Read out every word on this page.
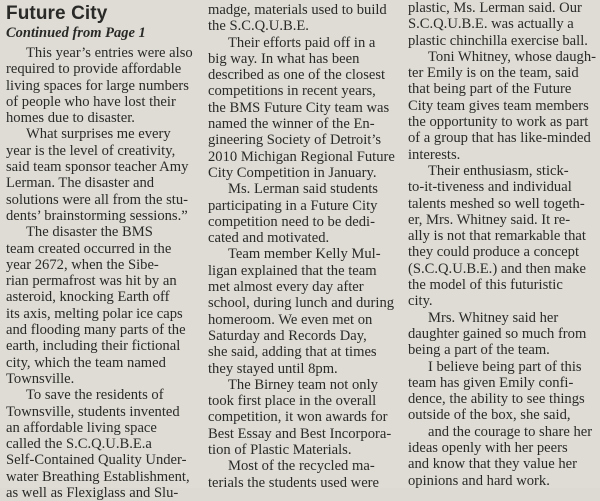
Future City
Continued from Page 1
This year’s entries were also
required to provide affordable
living spaces for large numbers
of people who have lost their
homes due to disaster.
What surprises me every
year is the level of creativity,
said team sponsor teacher Amy
Lerman. The disaster and
solutions were all from the stu-
dents’ brainstorming sessions.”
The disaster the BMS
team created occurred in the
year 2672, when the Sibe-
rian permafrost was hit by an
asteroid, knocking Earth off
its axis, melting polar ice caps
and flooding many parts of the
earth, including their fictional
city, which the team named
Townsville.
To save the residents of
Townsville, students invented
an affordable living space
called the S.C.Q.U.B.E.a
Self-Contained Quality Under-
water Breathing Establishment,
as well as Flexiglass and Slu-
madge, materials used to build
the S.C.Q.U.B.E.
Their efforts paid off in a
big way. In what has been
described as one of the closest
competitions in recent years,
the BMS Future City team was
named the winner of the En-
gineering Society of Detroit’s
2010 Michigan Regional Future
City Competition in January.
Ms. Lerman said students
participating in a Future City
competition need to be dedi-
cated and motivated.
Team member Kelly Mul-
ligan explained that the team
met almost every day after
school, during lunch and during
homeroom. We even met on
Saturday and Records Day,
she said, adding that at times
they stayed until 8pm.
The Birney team not only
took first place in the overall
competition, it won awards for
Best Essay and Best Incorpora-
tion of Plastic Materials.
Most of the recycled ma-
terials the students used were
plastic, Ms. Lerman said. Our
S.C.Q.U.B.E. was actually a
plastic chinchilla exercise ball.
Toni Whitney, whose daugh-
ter Emily is on the team, said
that being part of the Future
City team gives team members
the opportunity to work as part
of a group that has like-minded
interests.
Their enthusiasm, stick-
to-it-tiveness and individual
talents meshed so well togeth-
er, Mrs. Whitney said. It re-
ally is not that remarkable that
they could produce a concept
(S.C.Q.U.B.E.) and then make
the model of this futuristic
city.
Mrs. Whitney said her
daughter gained so much from
being a part of the team.
I believe being part of this
team has given Emily confi-
dence, the ability to see things
outside of the box, she said,
and the courage to share her
ideas openly with her peers
and know that they value her
opinions and hard work.
